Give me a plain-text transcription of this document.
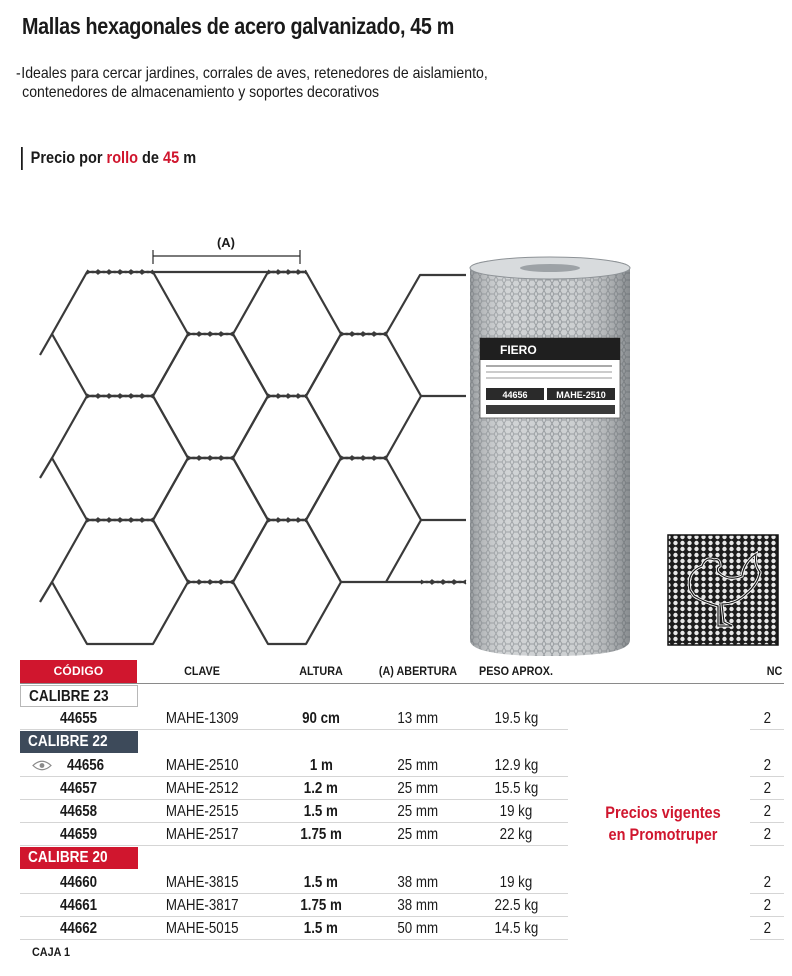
Mallas hexagonales de acero galvanizado, 45 m
-Ideales para cercar jardines, corrales de aves, retenedores de aislamiento,
contenedores de almacenamiento y soportes decorativos
Precio por rollo de 45 m
(A)
FIERO
44656	MAHE-2510
CÓDIGO	CLAVE	ALTURA	(A) ABERTURA	PESO APROX.	NC
CALIBRE 23
44655	MAHE-1309	90 cm	13 mm	19.5 kg	2
CALIBRE 22
44656	MAHE-2510	1 m	25 mm	12.9 kg	2
44657	MAHE-2512	1.2 m	25 mm	15.5 kg	2
44658	MAHE-2515	1.5 m	25 mm	19 kg	2
44659	MAHE-2517	1.75 m	25 mm	22 kg	2
CALIBRE 20
44660	MAHE-3815	1.5 m	38 mm	19 kg	2
44661	MAHE-3817	1.75 m	38 mm	22.5 kg	2
44662	MAHE-5015	1.5 m	50 mm	14.5 kg	2
Precios vigentes
en Promotruper
CAJA 1
